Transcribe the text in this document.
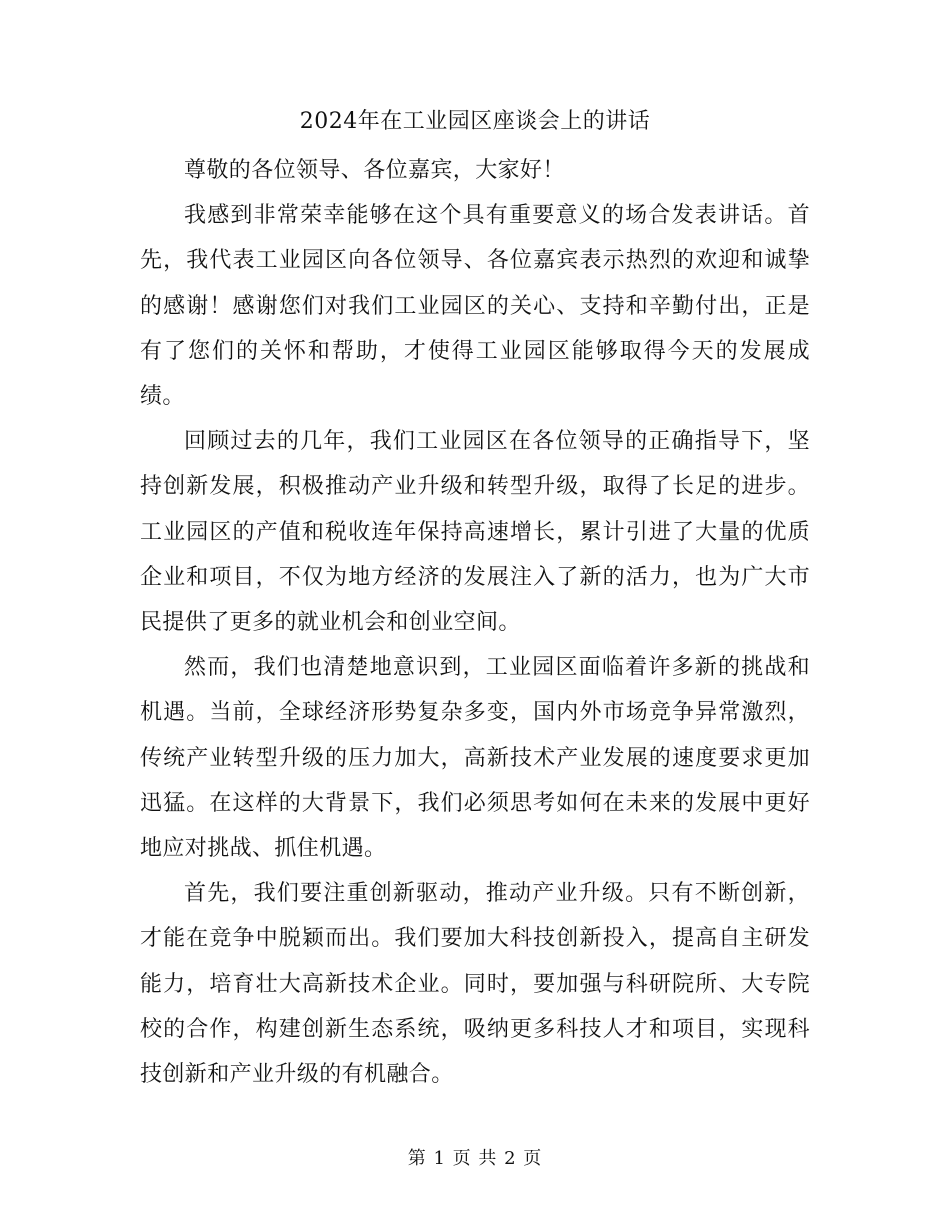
2024年在工业园区座谈会上的讲话

尊敬的各位领导、各位嘉宾，大家好！

我感到非常荣幸能够在这个具有重要意义的场合发表讲话。首先，我代表工业园区向各位领导、各位嘉宾表示热烈的欢迎和诚挚的感谢！感谢您们对我们工业园区的关心、支持和辛勤付出，正是有了您们的关怀和帮助，才使得工业园区能够取得今天的发展成绩。

回顾过去的几年，我们工业园区在各位领导的正确指导下，坚持创新发展，积极推动产业升级和转型升级，取得了长足的进步。工业园区的产值和税收连年保持高速增长，累计引进了大量的优质企业和项目，不仅为地方经济的发展注入了新的活力，也为广大市民提供了更多的就业机会和创业空间。

然而，我们也清楚地意识到，工业园区面临着许多新的挑战和机遇。当前，全球经济形势复杂多变，国内外市场竞争异常激烈，传统产业转型升级的压力加大，高新技术产业发展的速度要求更加迅猛。在这样的大背景下，我们必须思考如何在未来的发展中更好地应对挑战、抓住机遇。

首先，我们要注重创新驱动，推动产业升级。只有不断创新，才能在竞争中脱颖而出。我们要加大科技创新投入，提高自主研发能力，培育壮大高新技术企业。同时，要加强与科研院所、大专院校的合作，构建创新生态系统，吸纳更多科技人才和项目，实现科技创新和产业升级的有机融合。

第 1 页 共 2 页
